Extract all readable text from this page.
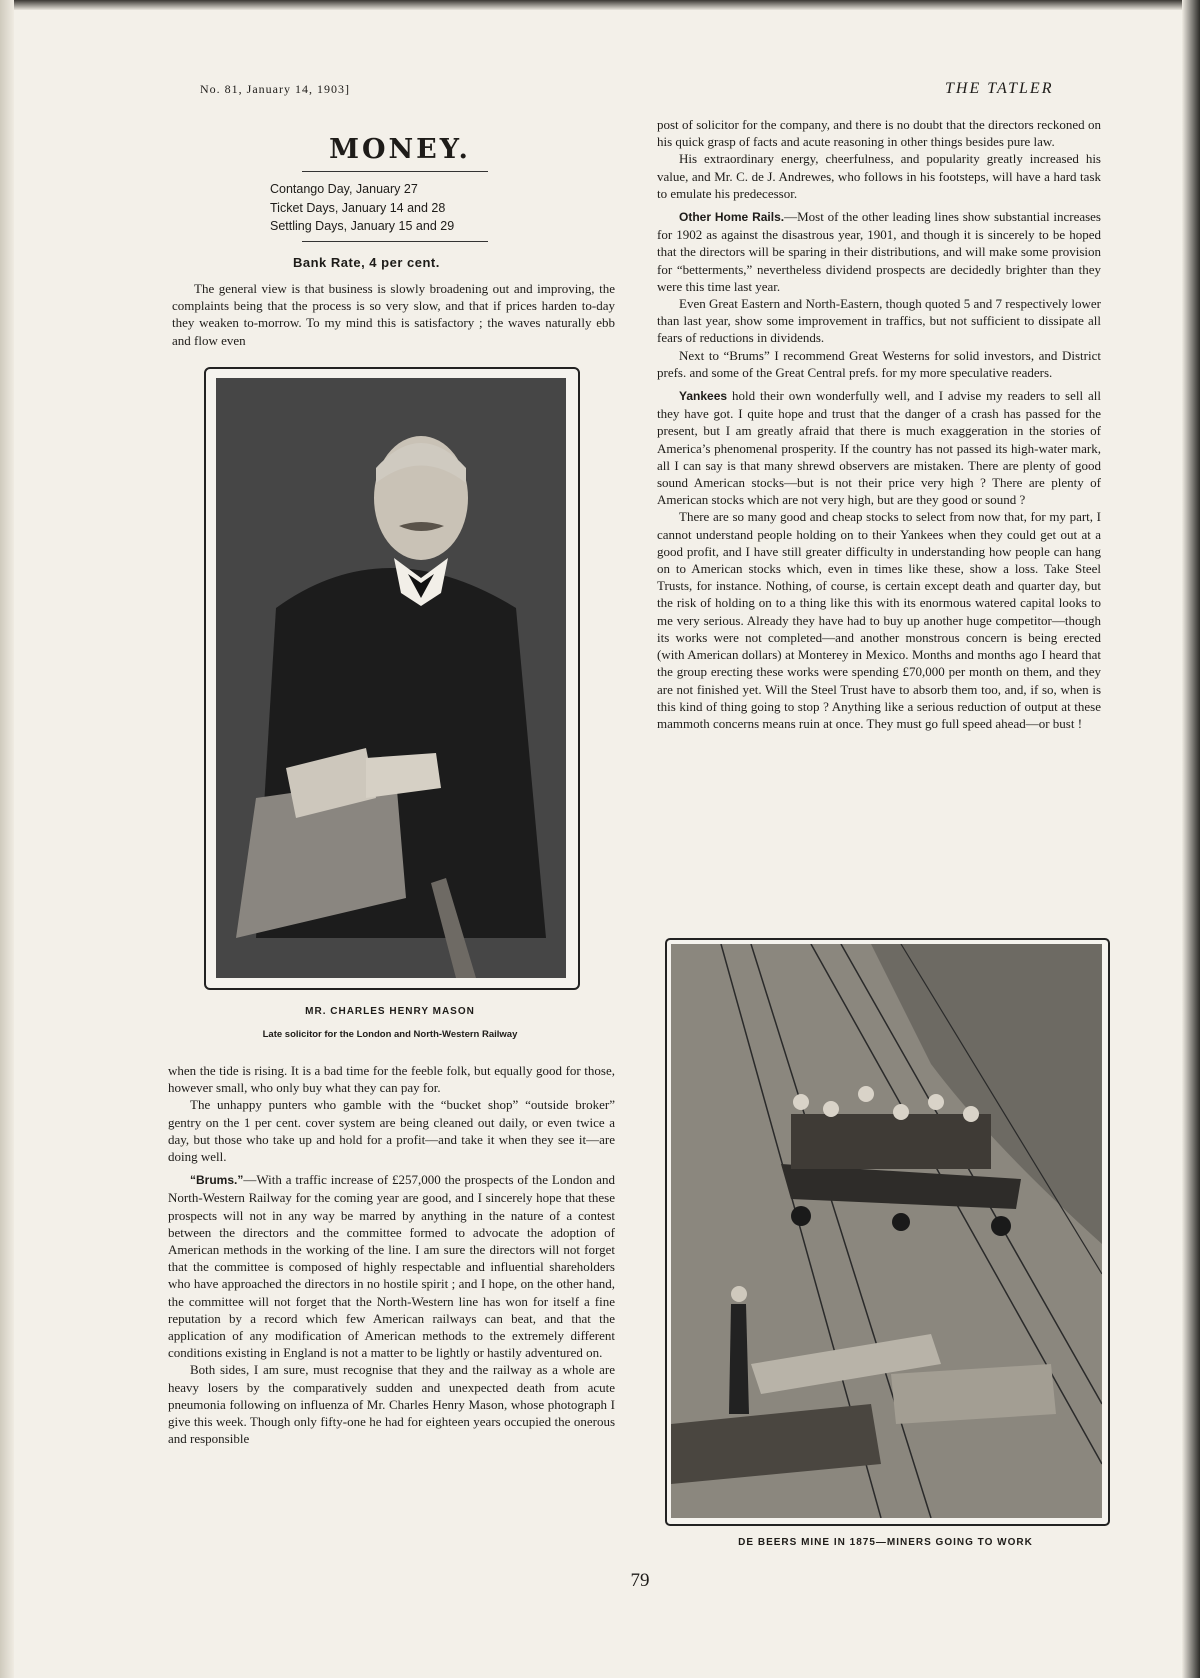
No. 81, January 14, 1903]	THE TATLER
MONEY.
Contango Day, January 27
Ticket Days, January 14 and 28
Settling Days, January 15 and 29
Bank Rate, 4 per cent.

The general view is that business is slowly broadening out and improving, the complaints being that the process is so very slow, and that if prices harden to-day they weaken to-morrow. To my mind this is satisfactory ; the waves naturally ebb and flow even

MR. CHARLES HENRY MASON
Late solicitor for the London and North-Western Railway

when the tide is rising. It is a bad time for the feeble folk, but equally good for those, however small, who only buy what they can pay for.

The unhappy punters who gamble with the “bucket shop” “outside broker” gentry on the 1 per cent. cover system are being cleaned out daily, or even twice a day, but those who take up and hold for a profit—and take it when they see it—are doing well.

“Brums.”—With a traffic increase of £257,000 the prospects of the London and North-Western Railway for the coming year are good, and I sincerely hope that these prospects will not in any way be marred by anything in the nature of a contest between the directors and the committee formed to advocate the adoption of American methods in the working of the line. I am sure the directors will not forget that the committee is composed of highly respectable and influential shareholders who have approached the directors in no hostile spirit ; and I hope, on the other hand, the committee will not forget that the North-Western line has won for itself a fine reputation by a record which few American railways can beat, and that the application of any modification of American methods to the extremely different conditions existing in England is not a matter to be lightly or hastily adventured on.

Both sides, I am sure, must recognise that they and the railway as a whole are heavy losers by the comparatively sudden and unexpected death from acute pneumonia following on influenza of Mr. Charles Henry Mason, whose photograph I give this week. Though only fifty-one he had for eighteen years occupied the onerous and responsible

post of solicitor for the company, and there is no doubt that the directors reckoned on his quick grasp of facts and acute reasoning in other things besides pure law.

His extraordinary energy, cheerfulness, and popularity greatly increased his value, and Mr. C. de J. Andrewes, who follows in his footsteps, will have a hard task to emulate his predecessor.

Other Home Rails.—Most of the other leading lines show substantial increases for 1902 as against the disastrous year, 1901, and though it is sincerely to be hoped that the directors will be sparing in their distributions, and will make some provision for “betterments,” nevertheless dividend prospects are decidedly brighter than they were this time last year.

Even Great Eastern and North-Eastern, though quoted 5 and 7 respectively lower than last year, show some improvement in traffics, but not sufficient to dissipate all fears of reductions in dividends.

Next to “Brums” I recommend Great Westerns for solid investors, and District prefs. and some of the Great Central prefs. for my more speculative readers.

Yankees hold their own wonderfully well, and I advise my readers to sell all they have got. I quite hope and trust that the danger of a crash has passed for the present, but I am greatly afraid that there is much exaggeration in the stories of America’s phenomenal prosperity. If the country has not passed its high-water mark, all I can say is that many shrewd observers are mistaken. There are plenty of good sound American stocks—but is not their price very high ? There are plenty of American stocks which are not very high, but are they good or sound ?

There are so many good and cheap stocks to select from now that, for my part, I cannot understand people holding on to their Yankees when they could get out at a good profit, and I have still greater difficulty in understanding how people can hang on to American stocks which, even in times like these, show a loss. Take Steel Trusts, for instance. Nothing, of course, is certain except death and quarter day, but the risk of holding on to a thing like this with its enormous watered capital looks to me very serious. Already they have had to buy up another huge competitor—though its works were not completed—and another monstrous concern is being erected (with American dollars) at Monterey in Mexico. Months and months ago I heard that the group erecting these works were spending £70,000 per month on them, and they are not finished yet. Will the Steel Trust have to absorb them too, and, if so, when is this kind of thing going to stop ? Anything like a serious reduction of output at these mammoth concerns means ruin at once. They must go full speed ahead—or bust !

DE BEERS MINE IN 1875—MINERS GOING TO WORK
79
